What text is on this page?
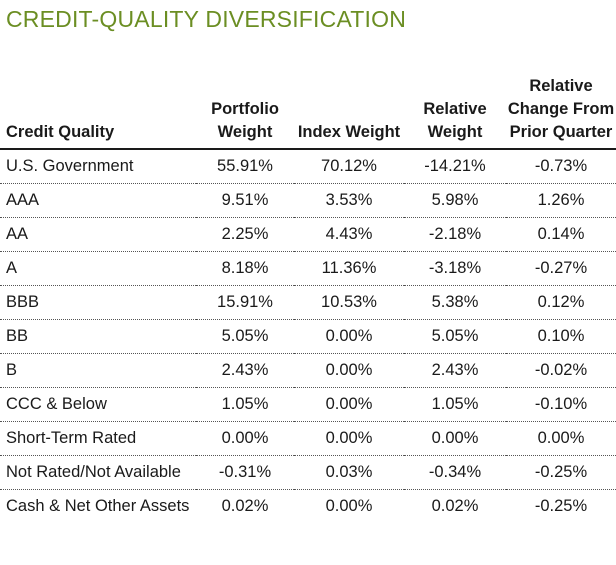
CREDIT-QUALITY DIVERSIFICATION
Credit Quality	Portfolio Weight	Index Weight	Relative Weight	Relative Change From Prior Quarter
U.S. Government	55.91%	70.12%	-14.21%	-0.73%
AAA	9.51%	3.53%	5.98%	1.26%
AA	2.25%	4.43%	-2.18%	0.14%
A	8.18%	11.36%	-3.18%	-0.27%
BBB	15.91%	10.53%	5.38%	0.12%
BB	5.05%	0.00%	5.05%	0.10%
B	2.43%	0.00%	2.43%	-0.02%
CCC & Below	1.05%	0.00%	1.05%	-0.10%
Short-Term Rated	0.00%	0.00%	0.00%	0.00%
Not Rated/Not Available	-0.31%	0.03%	-0.34%	-0.25%
Cash & Net Other Assets	0.02%	0.00%	0.02%	-0.25%
